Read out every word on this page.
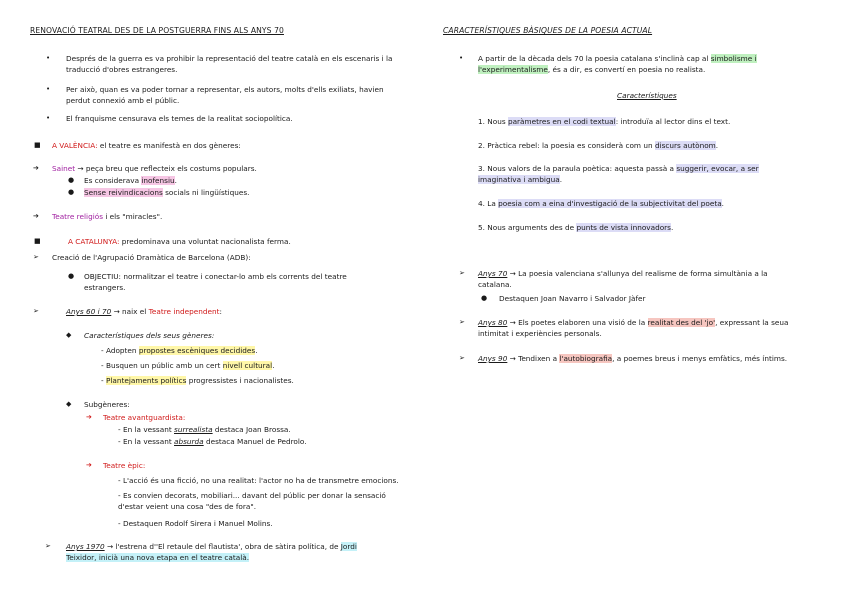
RENOVACIÓ TEATRAL DES DE LA POSTGUERRA FINS ALS ANYS 70
• Després de la guerra es va prohibir la representació del teatre català en els escenaris i la
traducció d'obres estrangeres.
• Per això, quan es va poder tornar a representar, els autors, molts d'ells exiliats, havien
perdut connexió amb el públic.
• El franquisme censurava els temes de la realitat sociopolítica.
■ A VALÈNCIA: el teatre es manifestà en dos gèneres:
➔ Sainet → peça breu que reflecteix els costums populars.
● Es considerava inofensiu.
● Sense reivindicacions socials ni lingüístiques.
➔ Teatre religiós i els "miracles".
■	A CATALUNYA: predominava una voluntat nacionalista ferma.
➢ Creació de l'Agrupació Dramàtica de Barcelona (ADB):
● OBJECTIU: normalitzar el teatre i conectar-lo amb els corrents del teatre
estrangers.
➢	Anys 60 i 70 → naix el Teatre independent:
◆ Característiques dels seus gèneres:
- Adopten propostes escèniques decidides.
- Busquen un públic amb un cert nivell cultural.
- Plantejaments polítics progressistes i nacionalistes.
◆ Subgèneres:
➔ Teatre avantguardista:
- En la vessant surrealista destaca Joan Brossa.
- En la vessant absurda destaca Manuel de Pedrolo.
➔ Teatre èpic:
- L'acció és una ficció, no una realitat: l'actor no ha de transmetre emocions.
- Es convien decorats, mobiliari... davant del públic per donar la sensació
d'estar veient una cosa "des de fora".
- Destaquen Rodolf Sirera i Manuel Molins.
➢ Anys 1970 → l'estrena d''El retaule del flautista', obra de sàtira política, de Jordi
Teixidor, inicià una nova etapa en el teatre català.
CARACTERÍSTIQUES BÀSIQUES DE LA POESIA ACTUAL
• A partir de la dècada dels 70 la poesia catalana s'inclinà cap al simbolisme i
l'experimentalisme, és a dir, es convertí en poesia no realista.
Característiques
1. Nous paràmetres en el codi textual: introduïa al lector dins el text.
2. Pràctica rebel: la poesia es considerà com un discurs autònom.
3. Nous valors de la paraula poètica: aquesta passà a suggerir, evocar, a ser
imaginativa i ambigua.
4. La poesia com a eina d'investigació de la subjectivitat del poeta.
5. Nous arguments des de punts de vista innovadors.
➢ Anys 70 → La poesia valenciana s'allunya del realisme de forma simultània a la
catalana.
● Destaquen Joan Navarro i Salvador Jàfer
➢ Anys 80 → Els poetes elaboren una visió de la realitat des del 'jo', expressant la seua
intimitat i experiències personals.
➢ Anys 90 → Tendixen a l'autobiografia, a poemes breus i menys emfàtics, més íntims.
